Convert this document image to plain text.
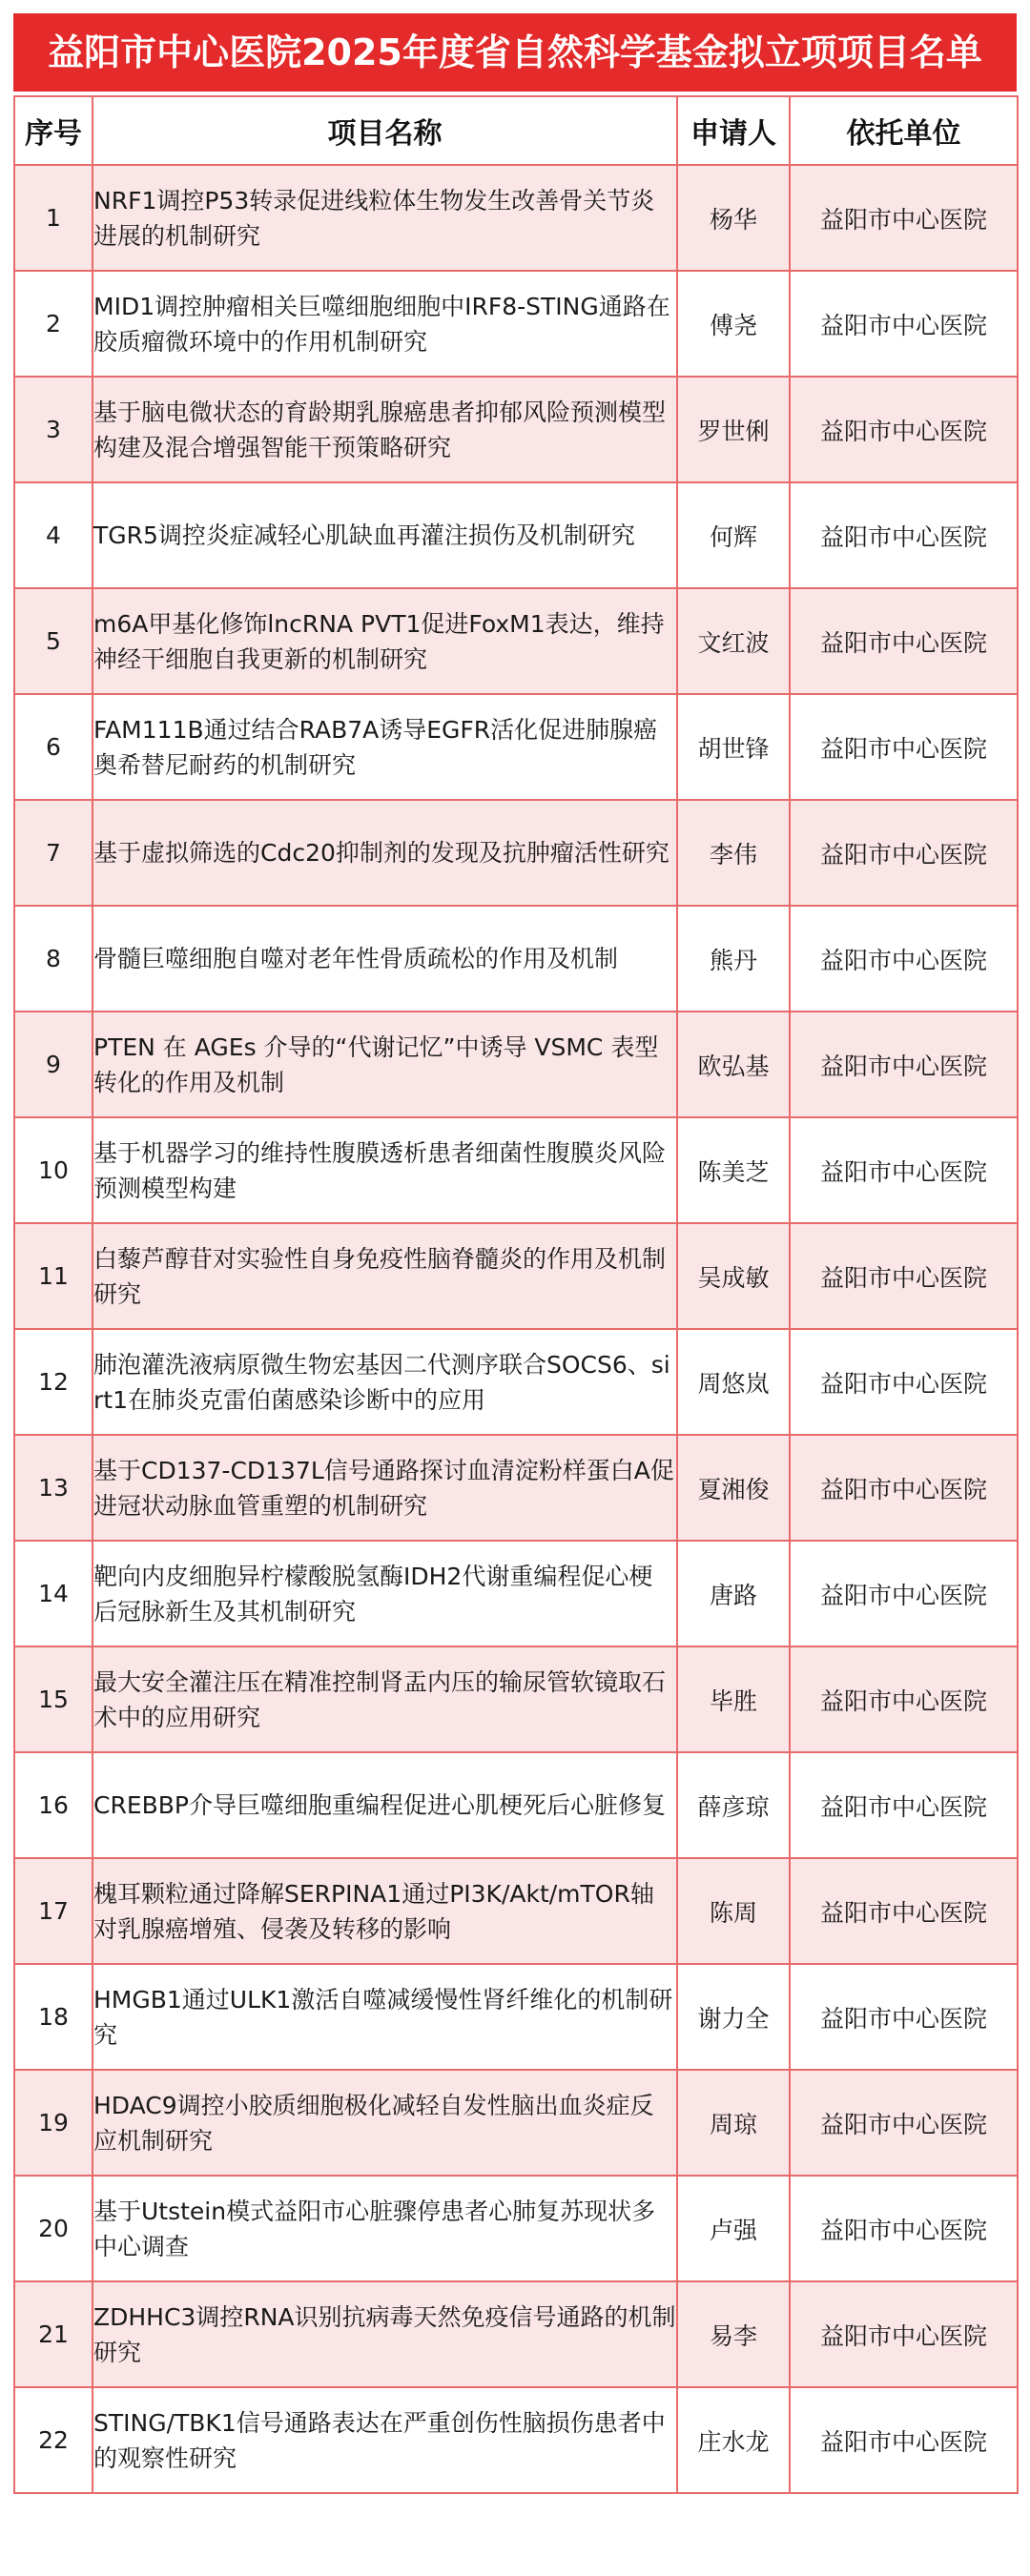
益阳市中心医院2025年度省自然科学基金拟立项项目名单
序号	项目名称	申请人	依托单位
1	NRF1调控P53转录促进线粒体生物发生改善骨关节炎进展的机制研究	杨华	益阳市中心医院
2	MID1调控肿瘤相关巨噬细胞细胞中IRF8-STING通路在胶质瘤微环境中的作用机制研究	傅尧	益阳市中心医院
3	基于脑电微状态的育龄期乳腺癌患者抑郁风险预测模型构建及混合增强智能干预策略研究	罗世俐	益阳市中心医院
4	TGR5调控炎症减轻心肌缺血再灌注损伤及机制研究	何辉	益阳市中心医院
5	m6A甲基化修饰lncRNA PVT1促进FoxM1表达，维持神经干细胞自我更新的机制研究	文红波	益阳市中心医院
6	FAM111B通过结合RAB7A诱导EGFR活化促进肺腺癌奥希替尼耐药的机制研究	胡世锋	益阳市中心医院
7	基于虚拟筛选的Cdc20抑制剂的发现及抗肿瘤活性研究	李伟	益阳市中心医院
8	骨髓巨噬细胞自噬对老年性骨质疏松的作用及机制	熊丹	益阳市中心医院
9	PTEN 在 AGEs 介导的“代谢记忆”中诱导 VSMC 表型转化的作用及机制	欧弘基	益阳市中心医院
10	基于机器学习的维持性腹膜透析患者细菌性腹膜炎风险预测模型构建	陈美芝	益阳市中心医院
11	白藜芦醇苷对实验性自身免疫性脑脊髓炎的作用及机制研究	吴成敏	益阳市中心医院
12	肺泡灌洗液病原微生物宏基因二代测序联合SOCS6、sirt1在肺炎克雷伯菌感染诊断中的应用	周悠岚	益阳市中心医院
13	基于CD137-CD137L信号通路探讨血清淀粉样蛋白A促进冠状动脉血管重塑的机制研究	夏湘俊	益阳市中心医院
14	靶向内皮细胞异柠檬酸脱氢酶IDH2代谢重编程促心梗后冠脉新生及其机制研究	唐路	益阳市中心医院
15	最大安全灌注压在精准控制肾盂内压的输尿管软镜取石术中的应用研究	毕胜	益阳市中心医院
16	CREBBP介导巨噬细胞重编程促进心肌梗死后心脏修复	薛彦琼	益阳市中心医院
17	槐耳颗粒通过降解SERPINA1通过PI3K/Akt/mTOR轴对乳腺癌增殖、侵袭及转移的影响	陈周	益阳市中心医院
18	HMGB1通过ULK1激活自噬减缓慢性肾纤维化的机制研究	谢力全	益阳市中心医院
19	HDAC9调控小胶质细胞极化减轻自发性脑出血炎症反应机制研究	周琼	益阳市中心医院
20	基于Utstein模式益阳市心脏骤停患者心肺复苏现状多中心调查	卢强	益阳市中心医院
21	ZDHHC3调控RNA识别抗病毒天然免疫信号通路的机制研究	易李	益阳市中心医院
22	STING/TBK1信号通路表达在严重创伤性脑损伤患者中的观察性研究	庄水龙	益阳市中心医院
